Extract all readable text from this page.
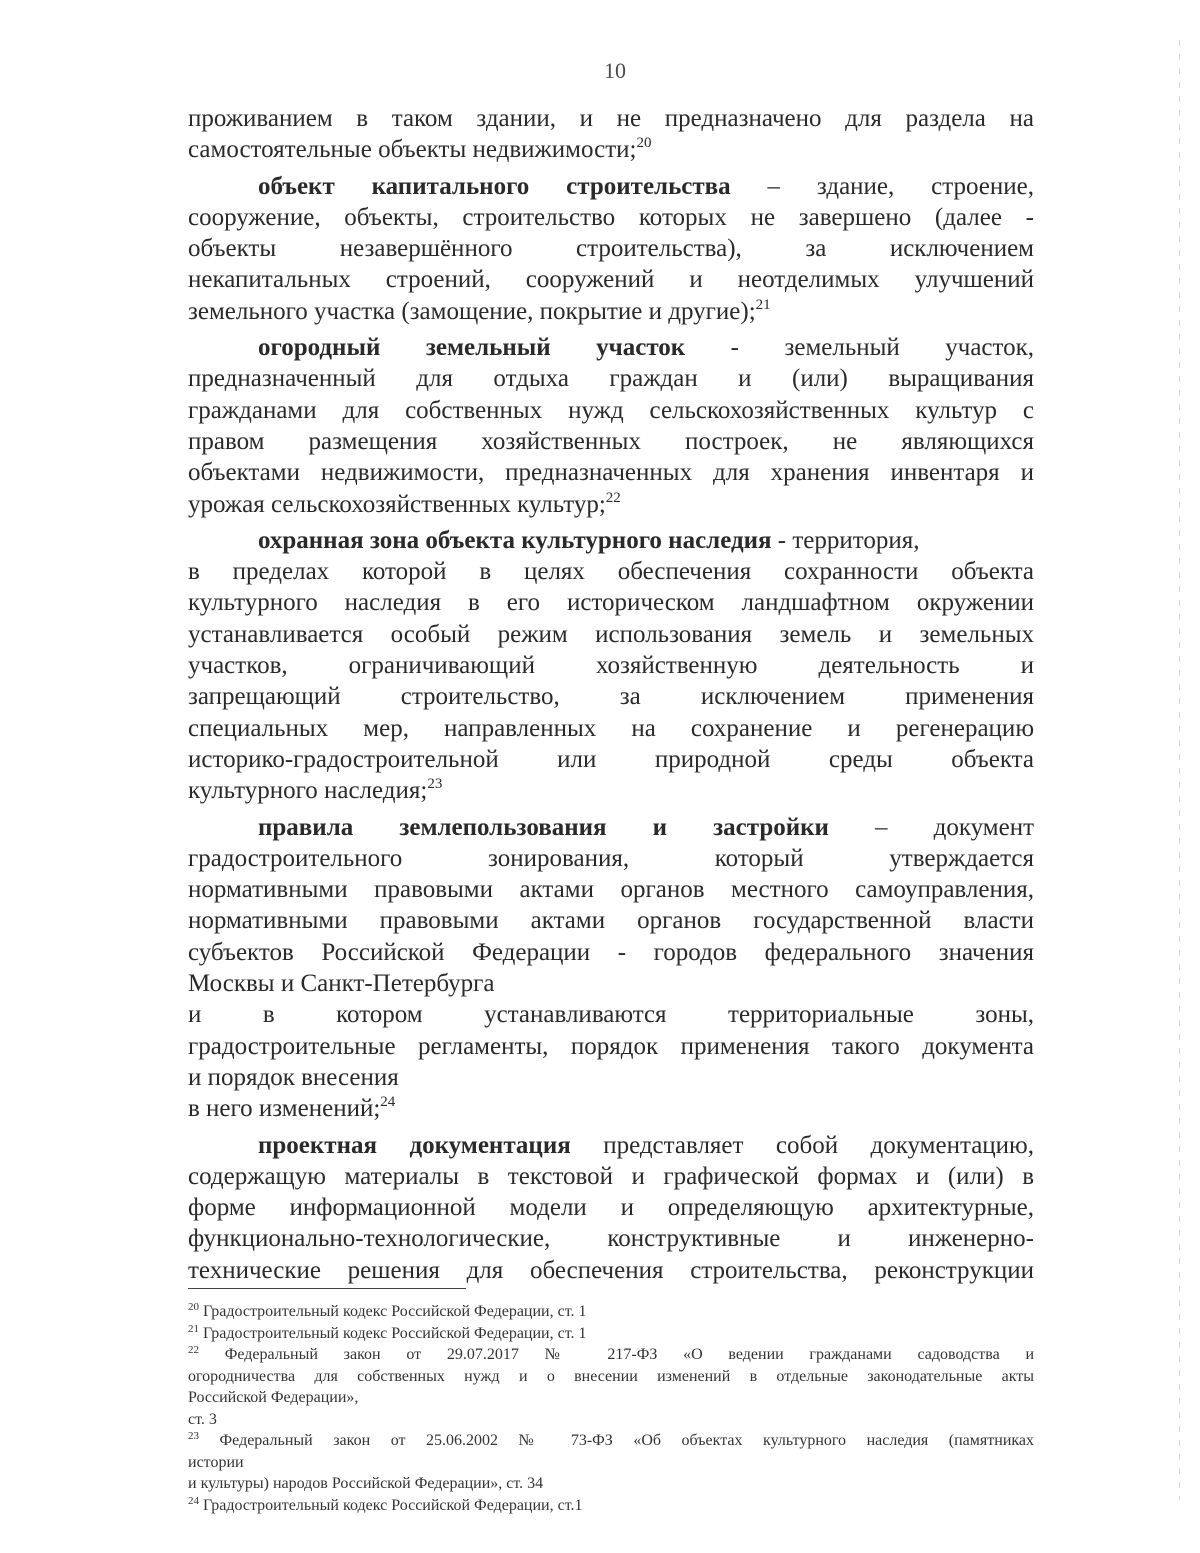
10

проживанием в таком здании, и не предназначено для раздела на
самостоятельные объекты недвижимости;$^{20}$

объект капитального строительства – здание, строение,
сооружение, объекты, строительство которых не завершено (далее -
объекты незавершённого строительства), за исключением
некапитальных строений, сооружений и неотделимых улучшений
земельного участка (замощение, покрытие и другие);$^{21}$

огородный земельный участок - земельный участок,
предназначенный для отдыха граждан и (или) выращивания
гражданами для собственных нужд сельскохозяйственных культур с
правом размещения хозяйственных построек, не являющихся
объектами недвижимости, предназначенных для хранения инвентаря и
урожая сельскохозяйственных культур;$^{22}$

охранная зона объекта культурного наследия - территория,
в пределах которой в целях обеспечения сохранности объекта
культурного наследия в его историческом ландшафтном окружении
устанавливается особый режим использования земель и земельных
участков, ограничивающий хозяйственную деятельность и
запрещающий строительство, за исключением применения
специальных мер, направленных на сохранение и регенерацию
историко-градостроительной или природной среды объекта
культурного наследия;$^{23}$

правила землепользования и застройки – документ
градостроительного зонирования, который утверждается
нормативными правовыми актами органов местного самоуправления,
нормативными правовыми актами органов государственной власти
субъектов Российской Федерации - городов федерального значения
Москвы и Санкт-Петербурга
и в котором устанавливаются территориальные зоны,
градостроительные регламенты, порядок применения такого документа
и порядок внесения
в него изменений;$^{24}$

проектная документация представляет собой документацию,
содержащую материалы в текстовой и графической формах и (или) в
форме информационной модели и определяющую архитектурные,
функционально-технологические, конструктивные и инженерно-
технические решения для обеспечения строительства, реконструкции

$^{20}$ Градостроительный кодекс Российской Федерации, ст. 1

$^{21}$ Градостроительный кодекс Российской Федерации, ст. 1

$^{22}$ Федеральный закон от 29.07.2017 № 217-ФЗ «О ведении гражданами садоводства и
огородничества для собственных нужд и о внесении изменений в отдельные законодательные акты
Российской Федерации»,
ст. 3

$^{23}$ Федеральный закон от 25.06.2002 № 73-ФЗ «Об объектах культурного наследия (памятниках
истории
и культуры) народов Российской Федерации», ст. 34

$^{24}$ Градостроительный кодекс Российской Федерации, ст.1
